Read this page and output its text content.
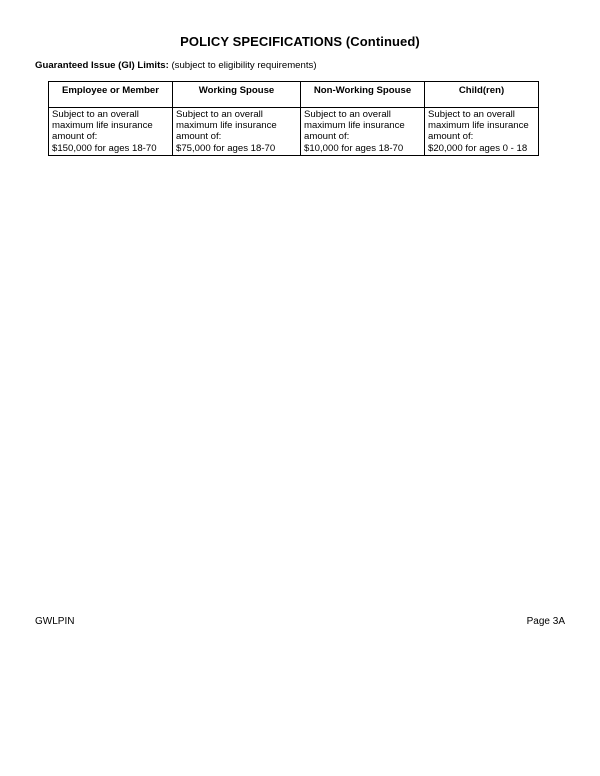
POLICY SPECIFICATIONS (Continued)
Guaranteed Issue (GI) Limits: (subject to eligibility requirements)
Employee or Member	Working Spouse	Non-Working Spouse	Child(ren)

Subject to an overall
maximum life insurance
amount of:
$150,000 for ages 18-70	Subject to an overall
maximum life insurance
amount of:
$75,000 for ages 18-70	Subject to an overall
maximum life insurance
amount of:
$10,000 for ages 18-70	Subject to an overall
maximum life insurance
amount of:
$20,000 for ages 0 - 18
GWLPIN	Page 3A
